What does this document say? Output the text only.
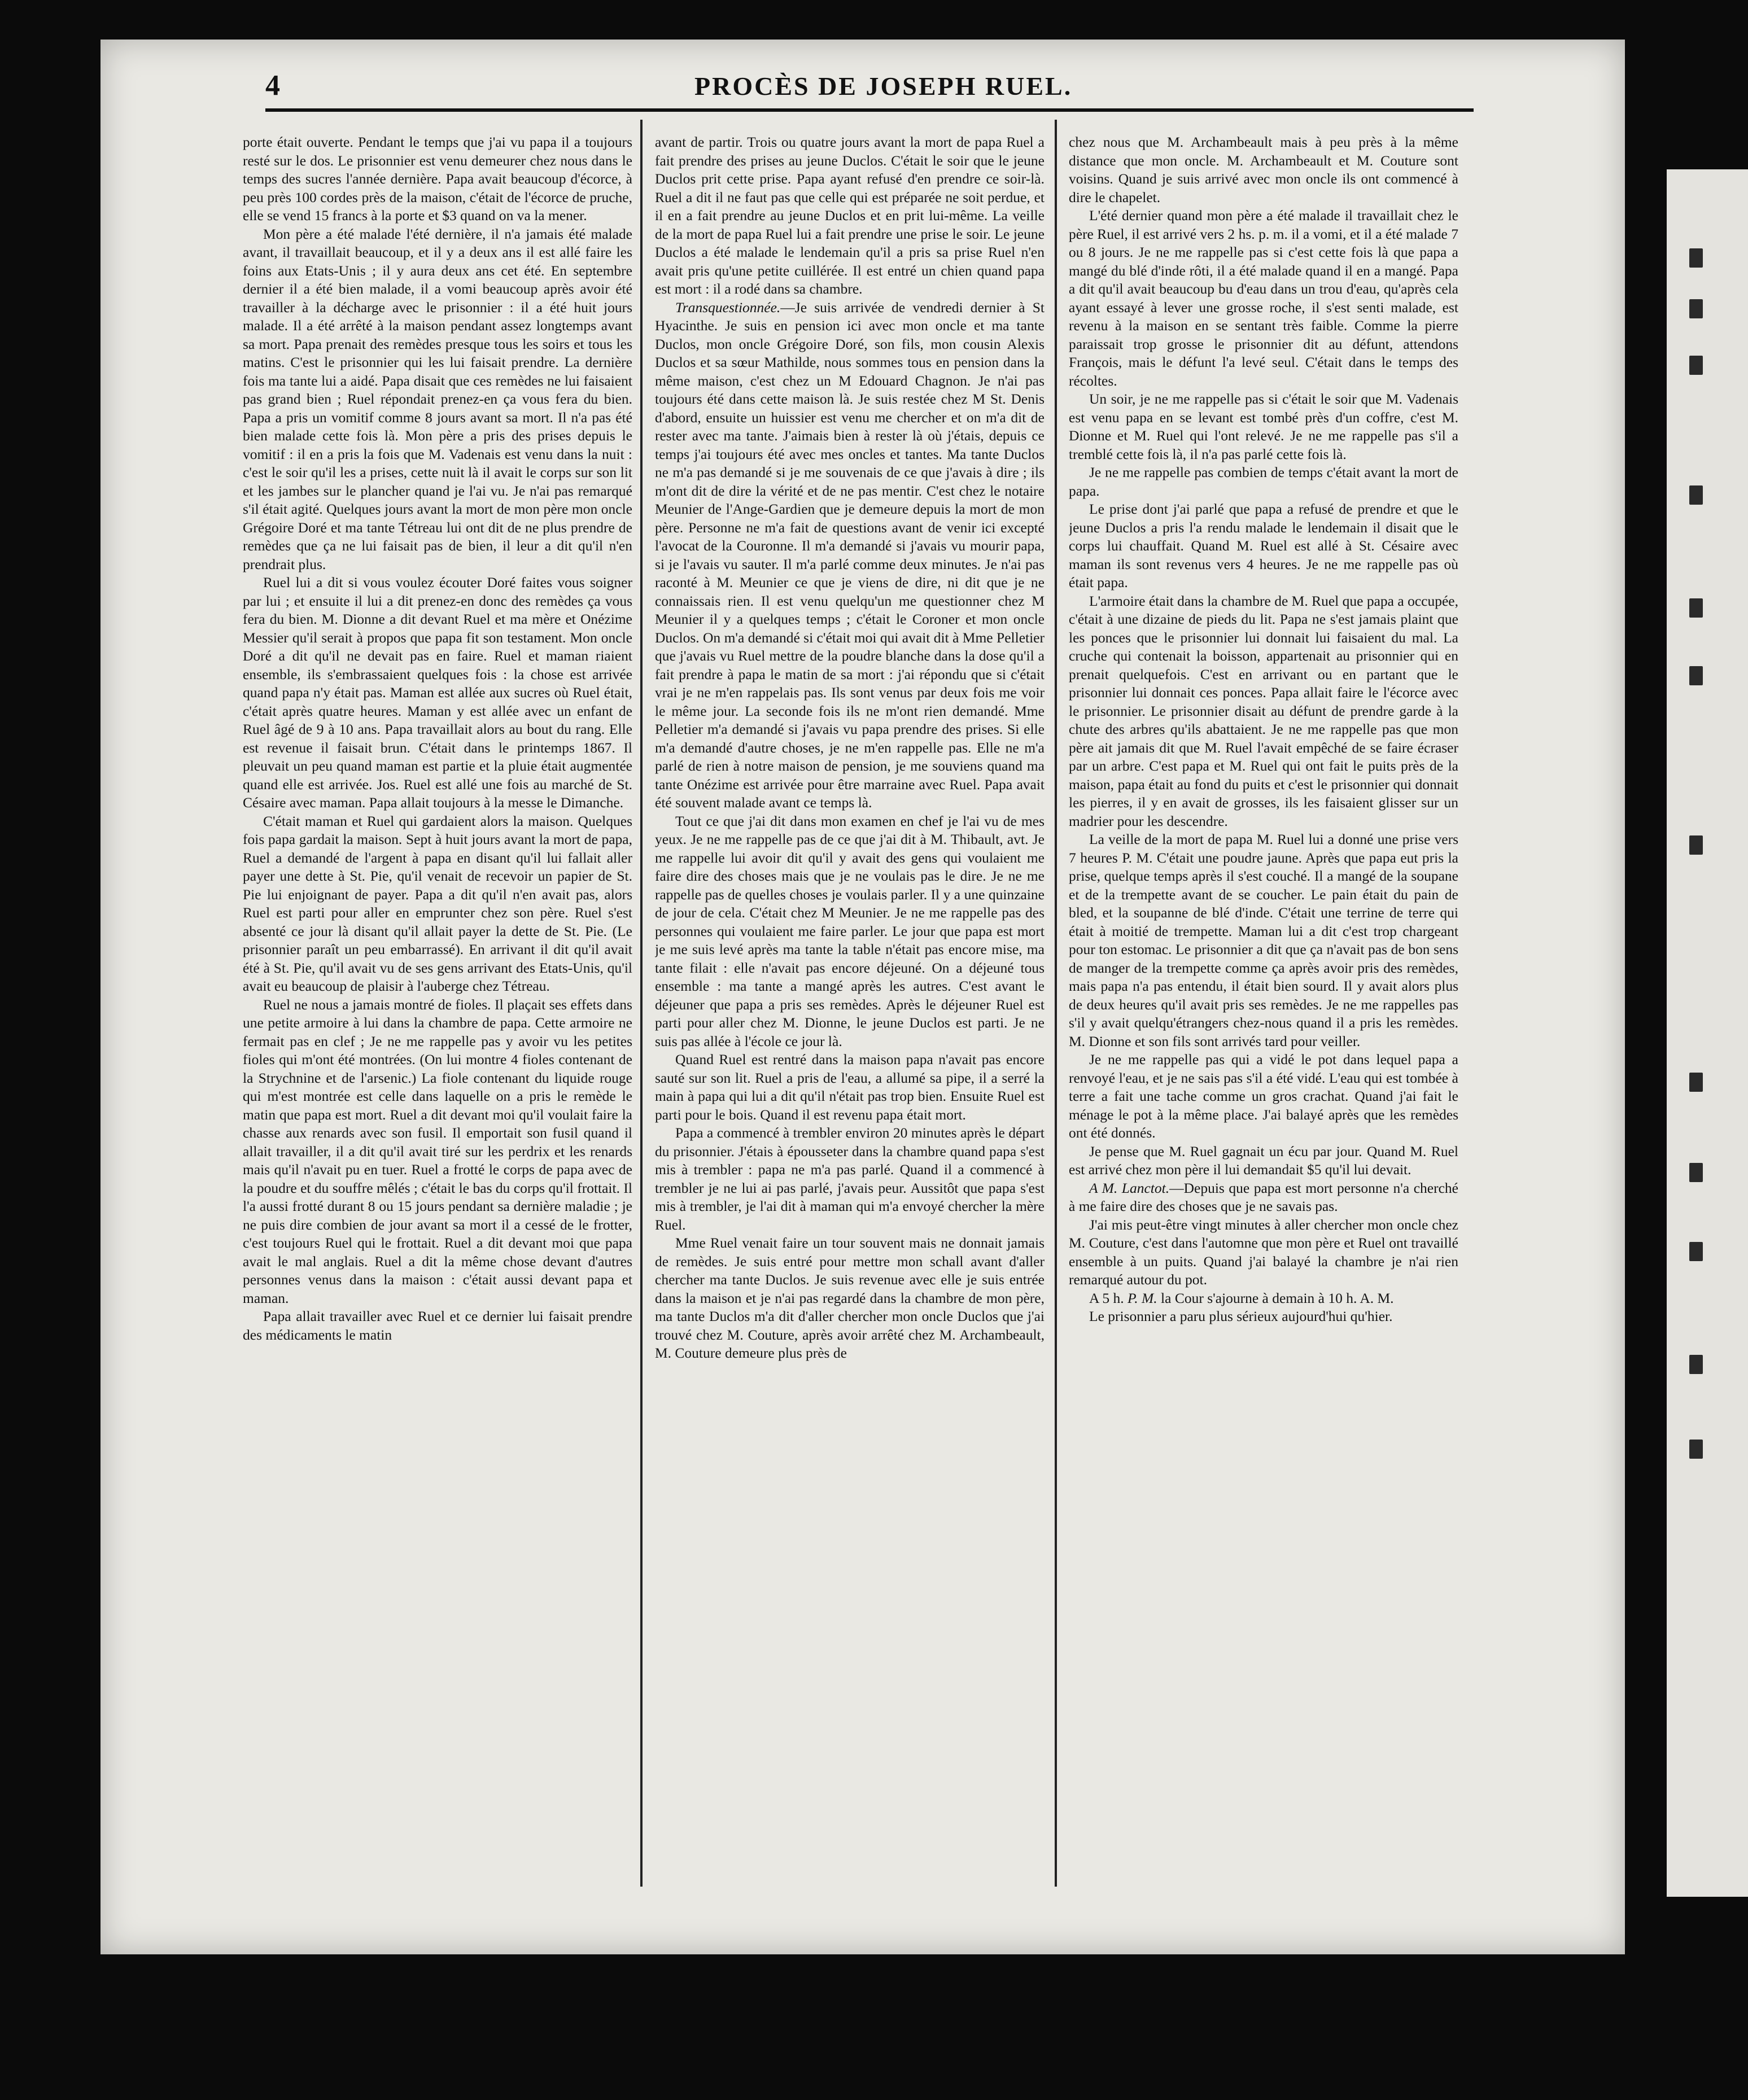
4	PROCÈS DE JOSEPH RUEL.

porte était ouverte. Pendant le temps que j'ai vu papa il a toujours resté sur le dos. Le prisonnier est venu demeurer chez nous dans le temps des sucres l'année dernière. Papa avait beaucoup d'écorce, à peu près 100 cordes près de la maison, c'était de l'écorce de pruche, elle se vend 15 francs à la porte et $3 quand on va la mener.

Mon père a été malade l'été dernière, il n'a jamais été malade avant, il travaillait beaucoup, et il y a deux ans il est allé faire les foins aux Etats-Unis ; il y aura deux ans cet été. En septembre dernier il a été bien malade, il a vomi beaucoup après avoir été travailler à la décharge avec le prisonnier : il a été huit jours malade. Il a été arrêté à la maison pendant assez longtemps avant sa mort. Papa prenait des remèdes presque tous les soirs et tous les matins. C'est le prisonnier qui les lui faisait prendre. La dernière fois ma tante lui a aidé. Papa disait que ces remèdes ne lui faisaient pas grand bien ; Ruel répondait prenez-en ça vous fera du bien. Papa a pris un vomitif comme 8 jours avant sa mort. Il n'a pas été bien malade cette fois là. Mon père a pris des prises depuis le vomitif : il en a pris la fois que M. Vadenais est venu dans la nuit : c'est le soir qu'il les a prises, cette nuit là il avait le corps sur son lit et les jambes sur le plancher quand je l'ai vu. Je n'ai pas remarqué s'il était agité. Quelques jours avant la mort de mon père mon oncle Grégoire Doré et ma tante Tétreau lui ont dit de ne plus prendre de remèdes que ça ne lui faisait pas de bien, il leur a dit qu'il n'en prendrait plus.

Ruel lui a dit si vous voulez écouter Doré faites vous soigner par lui ; et ensuite il lui a dit prenez-en donc des remèdes ça vous fera du bien. M. Dionne a dit devant Ruel et ma mère et Onézime Messier qu'il serait à propos que papa fit son testament. Mon oncle Doré a dit qu'il ne devait pas en faire. Ruel et maman riaient ensemble, ils s'embrassaient quelques fois : la chose est arrivée quand papa n'y était pas. Maman est allée aux sucres où Ruel était, c'était après quatre heures. Maman y est allée avec un enfant de Ruel âgé de 9 à 10 ans. Papa travaillait alors au bout du rang. Elle est revenue il faisait brun. C'était dans le printemps 1867. Il pleuvait un peu quand maman est partie et la pluie était augmentée quand elle est arrivée. Jos. Ruel est allé une fois au marché de St. Césaire avec maman. Papa allait toujours à la messe le Dimanche.

C'était maman et Ruel qui gardaient alors la maison. Quelques fois papa gardait la maison. Sept à huit jours avant la mort de papa, Ruel a demandé de l'argent à papa en disant qu'il lui fallait aller payer une dette à St. Pie, qu'il venait de recevoir un papier de St. Pie lui enjoignant de payer. Papa a dit qu'il n'en avait pas, alors Ruel est parti pour aller en emprunter chez son père. Ruel s'est absenté ce jour là disant qu'il allait payer la dette de St. Pie. (Le prisonnier paraît un peu embarrassé). En arrivant il dit qu'il avait été à St. Pie, qu'il avait vu de ses gens arrivant des Etats-Unis, qu'il avait eu beaucoup de plaisir à l'auberge chez Tétreau.

Ruel ne nous a jamais montré de fioles. Il plaçait ses effets dans une petite armoire à lui dans la chambre de papa. Cette armoire ne fermait pas en clef ; Je ne me rappelle pas y avoir vu les petites fioles qui m'ont été montrées. (On lui montre 4 fioles contenant de la Strychnine et de l'arsenic.) La fiole contenant du liquide rouge qui m'est montrée est celle dans laquelle on a pris le remède le matin que papa est mort. Ruel a dit devant moi qu'il voulait faire la chasse aux renards avec son fusil. Il emportait son fusil quand il allait travailler, il a dit qu'il avait tiré sur les perdrix et les renards mais qu'il n'avait pu en tuer. Ruel a frotté le corps de papa avec de la poudre et du souffre mêlés ; c'était le bas du corps qu'il frottait. Il l'a aussi frotté durant 8 ou 15 jours pendant sa dernière maladie ; je ne puis dire combien de jour avant sa mort il a cessé de le frotter, c'est toujours Ruel qui le frottait. Ruel a dit devant moi que papa avait le mal anglais. Ruel a dit la même chose devant d'autres personnes venus dans la maison : c'était aussi devant papa et maman.

Papa allait travailler avec Ruel et ce dernier lui faisait prendre des médicaments le matin

avant de partir. Trois ou quatre jours avant la mort de papa Ruel a fait prendre des prises au jeune Duclos. C'était le soir que le jeune Duclos prit cette prise. Papa ayant refusé d'en prendre ce soir-là. Ruel a dit il ne faut pas que celle qui est préparée ne soit perdue, et il en a fait prendre au jeune Duclos et en prit lui-même. La veille de la mort de papa Ruel lui a fait prendre une prise le soir. Le jeune Duclos a été malade le lendemain qu'il a pris sa prise Ruel n'en avait pris qu'une petite cuillérée. Il est entré un chien quand papa est mort : il a rodé dans sa chambre.

Transquestionnée.—Je suis arrivée de vendredi dernier à St Hyacinthe. Je suis en pension ici avec mon oncle et ma tante Duclos, mon oncle Grégoire Doré, son fils, mon cousin Alexis Duclos et sa sœur Mathilde, nous sommes tous en pension dans la même maison, c'est chez un M Edouard Chagnon. Je n'ai pas toujours été dans cette maison là. Je suis restée chez M St. Denis d'abord, ensuite un huissier est venu me chercher et on m'a dit de rester avec ma tante. J'aimais bien à rester là où j'étais, depuis ce temps j'ai toujours été avec mes oncles et tantes. Ma tante Duclos ne m'a pas demandé si je me souvenais de ce que j'avais à dire ; ils m'ont dit de dire la vérité et de ne pas mentir. C'est chez le notaire Meunier de l'Ange-Gardien que je demeure depuis la mort de mon père. Personne ne m'a fait de questions avant de venir ici excepté l'avocat de la Couronne. Il m'a demandé si j'avais vu mourir papa, si je l'avais vu sauter. Il m'a parlé comme deux minutes. Je n'ai pas raconté à M. Meunier ce que je viens de dire, ni dit que je ne connaissais rien. Il est venu quelqu'un me questionner chez M Meunier il y a quelques temps ; c'était le Coroner et mon oncle Duclos. On m'a demandé si c'était moi qui avait dit à Mme Pelletier que j'avais vu Ruel mettre de la poudre blanche dans la dose qu'il a fait prendre à papa le matin de sa mort : j'ai répondu que si c'était vrai je ne m'en rappelais pas. Ils sont venus par deux fois me voir le même jour. La seconde fois ils ne m'ont rien demandé. Mme Pelletier m'a demandé si j'avais vu papa prendre des prises. Si elle m'a demandé d'autre choses, je ne m'en rappelle pas. Elle ne m'a parlé de rien à notre maison de pension, je me souviens quand ma tante Onézime est arrivée pour être marraine avec Ruel. Papa avait été souvent malade avant ce temps là.

Tout ce que j'ai dit dans mon examen en chef je l'ai vu de mes yeux. Je ne me rappelle pas de ce que j'ai dit à M. Thibault, avt. Je me rappelle lui avoir dit qu'il y avait des gens qui voulaient me faire dire des choses mais que je ne voulais pas le dire. Je ne me rappelle pas de quelles choses je voulais parler. Il y a une quinzaine de jour de cela. C'était chez M Meunier. Je ne me rappelle pas des personnes qui voulaient me faire parler. Le jour que papa est mort je me suis levé après ma tante la table n'était pas encore mise, ma tante filait : elle n'avait pas encore déjeuné. On a déjeuné tous ensemble : ma tante a mangé après les autres. C'est avant le déjeuner que papa a pris ses remèdes. Après le déjeuner Ruel est parti pour aller chez M. Dionne, le jeune Duclos est parti. Je ne suis pas allée à l'école ce jour là.

Quand Ruel est rentré dans la maison papa n'avait pas encore sauté sur son lit. Ruel a pris de l'eau, a allumé sa pipe, il a serré la main à papa qui lui a dit qu'il n'était pas trop bien. Ensuite Ruel est parti pour le bois. Quand il est revenu papa était mort.

Papa a commencé à trembler environ 20 minutes après le départ du prisonnier. J'étais à épousseter dans la chambre quand papa s'est mis à trembler : papa ne m'a pas parlé. Quand il a commencé à trembler je ne lui ai pas parlé, j'avais peur. Aussitôt que papa s'est mis à trembler, je l'ai dit à maman qui m'a envoyé chercher la mère Ruel.

Mme Ruel venait faire un tour souvent mais ne donnait jamais de remèdes. Je suis entré pour mettre mon schall avant d'aller chercher ma tante Duclos. Je suis revenue avec elle je suis entrée dans la maison et je n'ai pas regardé dans la chambre de mon père, ma tante Duclos m'a dit d'aller chercher mon oncle Duclos que j'ai trouvé chez M. Couture, après avoir arrêté chez M. Archambeault, M. Couture demeure plus près de

chez nous que M. Archambeault mais à peu près à la même distance que mon oncle. M. Archambeault et M. Couture sont voisins. Quand je suis arrivé avec mon oncle ils ont commencé à dire le chapelet.

L'été dernier quand mon père a été malade il travaillait chez le père Ruel, il est arrivé vers 2 hs. p. m. il a vomi, et il a été malade 7 ou 8 jours. Je ne me rappelle pas si c'est cette fois là que papa a mangé du blé d'inde rôti, il a été malade quand il en a mangé. Papa a dit qu'il avait beaucoup bu d'eau dans un trou d'eau, qu'après cela ayant essayé à lever une grosse roche, il s'est senti malade, est revenu à la maison en se sentant très faible. Comme la pierre paraissait trop grosse le prisonnier dit au défunt, attendons François, mais le défunt l'a levé seul. C'était dans le temps des récoltes.

Un soir, je ne me rappelle pas si c'était le soir que M. Vadenais est venu papa en se levant est tombé près d'un coffre, c'est M. Dionne et M. Ruel qui l'ont relevé. Je ne me rappelle pas s'il a tremblé cette fois là, il n'a pas parlé cette fois là.

Je ne me rappelle pas combien de temps c'était avant la mort de papa.

Le prise dont j'ai parlé que papa a refusé de prendre et que le jeune Duclos a pris l'a rendu malade le lendemain il disait que le corps lui chauffait. Quand M. Ruel est allé à St. Césaire avec maman ils sont revenus vers 4 heures. Je ne me rappelle pas où était papa.

L'armoire était dans la chambre de M. Ruel que papa a occupée, c'était à une dizaine de pieds du lit. Papa ne s'est jamais plaint que les ponces que le prisonnier lui donnait lui faisaient du mal. La cruche qui contenait la boisson, appartenait au prisonnier qui en prenait quelquefois. C'est en arrivant ou en partant que le prisonnier lui donnait ces ponces. Papa allait faire le l'écorce avec le prisonnier. Le prisonnier disait au défunt de prendre garde à la chute des arbres qu'ils abattaient. Je ne me rappelle pas que mon père ait jamais dit que M. Ruel l'avait empêché de se faire écraser par un arbre. C'est papa et M. Ruel qui ont fait le puits près de la maison, papa était au fond du puits et c'est le prisonnier qui donnait les pierres, il y en avait de grosses, ils les faisaient glisser sur un madrier pour les descendre.

La veille de la mort de papa M. Ruel lui a donné une prise vers 7 heures P. M. C'était une poudre jaune. Après que papa eut pris la prise, quelque temps après il s'est couché. Il a mangé de la soupane et de la trempette avant de se coucher. Le pain était du pain de bled, et la soupanne de blé d'inde. C'était une terrine de terre qui était à moitié de trempette. Maman lui a dit c'est trop chargeant pour ton estomac. Le prisonnier a dit que ça n'avait pas de bon sens de manger de la trempette comme ça après avoir pris des remèdes, mais papa n'a pas entendu, il était bien sourd. Il y avait alors plus de deux heures qu'il avait pris ses remèdes. Je ne me rappelles pas s'il y avait quelqu'étrangers chez-nous quand il a pris les remèdes. M. Dionne et son fils sont arrivés tard pour veiller.

Je ne me rappelle pas qui a vidé le pot dans lequel papa a renvoyé l'eau, et je ne sais pas s'il a été vidé. L'eau qui est tombée à terre a fait une tache comme un gros crachat. Quand j'ai fait le ménage le pot à la même place. J'ai balayé après que les remèdes ont été donnés.

Je pense que M. Ruel gagnait un écu par jour. Quand M. Ruel est arrivé chez mon père il lui demandait $5 qu'il lui devait.

A M. Lanctot.—Depuis que papa est mort personne n'a cherché à me faire dire des choses que je ne savais pas.

J'ai mis peut-être vingt minutes à aller chercher mon oncle chez M. Couture, c'est dans l'automne que mon père et Ruel ont travaillé ensemble à un puits. Quand j'ai balayé la chambre je n'ai rien remarqué autour du pot.

A 5 h. P. M. la Cour s'ajourne à demain à 10 h. A. M.

Le prisonnier a paru plus sérieux aujourd'hui qu'hier.
